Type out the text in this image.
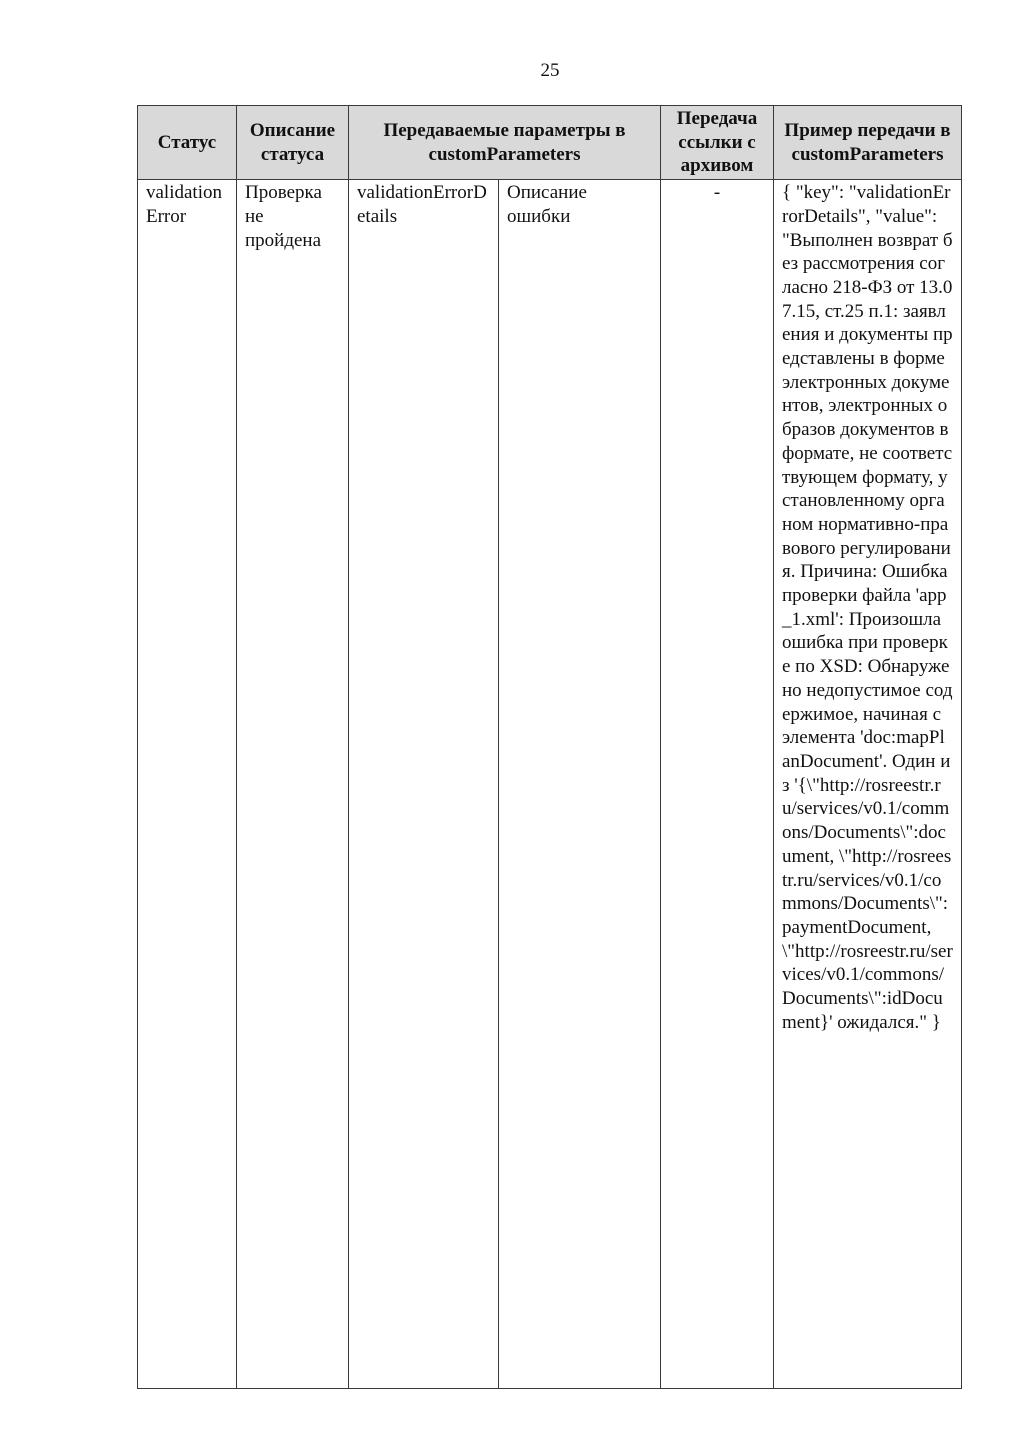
25
Статус	Описание статуса	Передаваемые параметры в customParameters		Передача ссылки с архивом	Пример передачи в customParameters
validationError	Проверка не пройдена	validationErrorDetails	Описание ошибки	-	{ "key": "validationErrorDetails", "value": "Выполнен возврат без рассмотрения согласно 218-ФЗ от 13.07.15, ст.25 п.1: заявления и документы представлены в форме электронных документов, электронных образов документов в формате, не соответствующем формату, установленному органом нормативно-правового регулирования. Причина: Ошибка проверки файла 'app_1.xml': Произошла ошибка при проверке по XSD: Обнаружено недопустимое содержимое, начиная с элемента 'doc:mapPlanDocument'. Один из '{\"http://rosreestr.ru/services/v0.1/commons/Documents\":document, \"http://rosreestr.ru/services/v0.1/commons/Documents\":paymentDocument, \"http://rosreestr.ru/services/v0.1/commons/Documents\":idDocument}' ожидался." }
